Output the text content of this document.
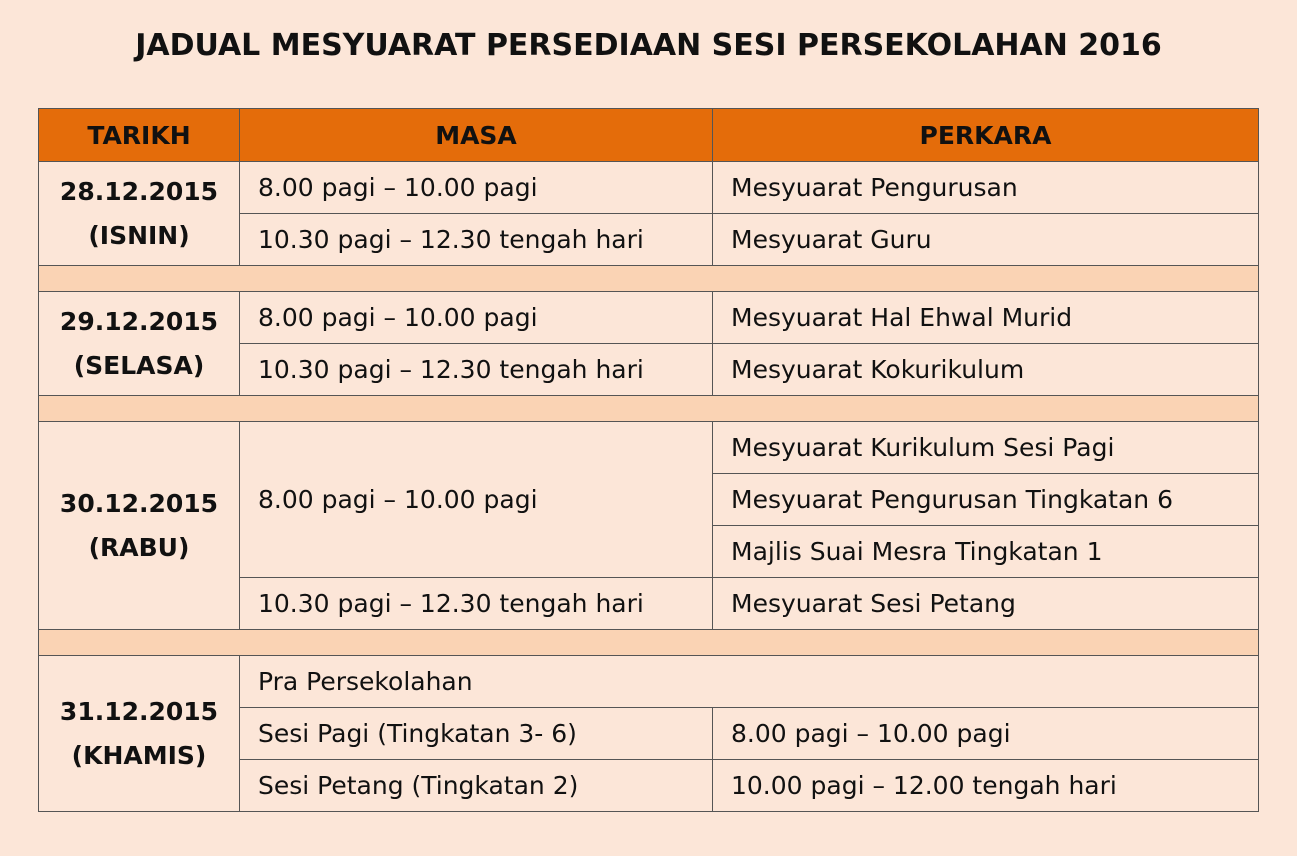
JADUAL MESYUARAT PERSEDIAAN SESI PERSEKOLAHAN 2016
TARIKH	MASA	PERKARA

28.12.2015
(ISNIN)	8.00 pagi – 10.00 pagi	Mesyuarat Pengurusan
	10.30 pagi – 12.30 tengah hari	Mesyuarat Guru

29.12.2015
(SELASA)	8.00 pagi – 10.00 pagi	Mesyuarat Hal Ehwal Murid
	10.30 pagi – 12.30 tengah hari	Mesyuarat Kokurikulum

30.12.2015
(RABU)	8.00 pagi – 10.00 pagi	Mesyuarat Kurikulum Sesi Pagi
		Mesyuarat Pengurusan Tingkatan 6
		Majlis Suai Mesra Tingkatan 1
	10.30 pagi – 12.30 tengah hari	Mesyuarat Sesi Petang

31.12.2015
(KHAMIS)	Pra Persekolahan	
	Sesi Pagi (Tingkatan 3- 6)	8.00 pagi – 10.00 pagi
	Sesi Petang (Tingkatan 2)	10.00 pagi – 12.00 tengah hari
